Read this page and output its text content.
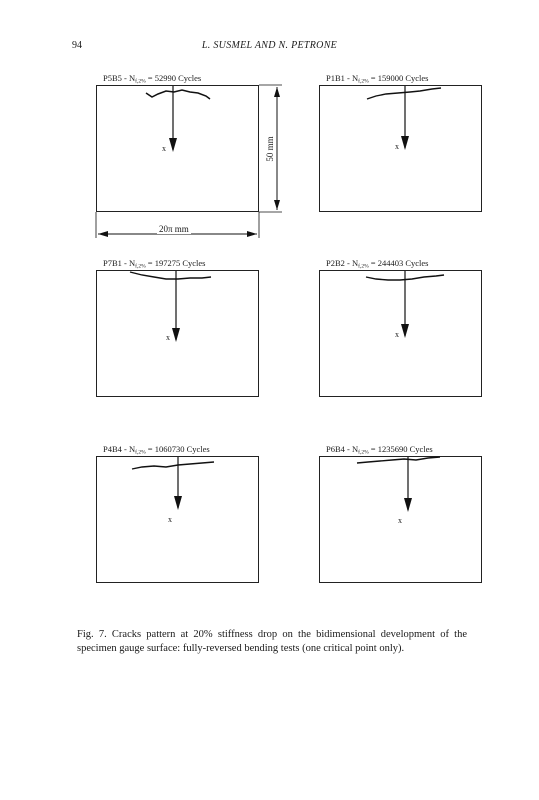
94	L. SUSMEL AND N. PETRONE
$P5B5 - N_{f,2\%} = 52990$ Cycles	$P1B1 - N_{f,2\%} = 159000$ Cycles
$P7B1 - N_{f,2\%} = 197275$ Cycles	$P2B2 - N_{f,2\%} = 244403$ Cycles
$P4B4 - N_{f,2\%} = 1060730$ Cycles	$P6B4 - N_{f,2\%} = 1235690$ Cycles
x	x
x	x
x	x
20π mm
50 mm
Fig. 7. Cracks pattern at 20% stiffness drop on the bidimensional development of the specimen gauge surface: fully-reversed bending tests (one critical point only).
